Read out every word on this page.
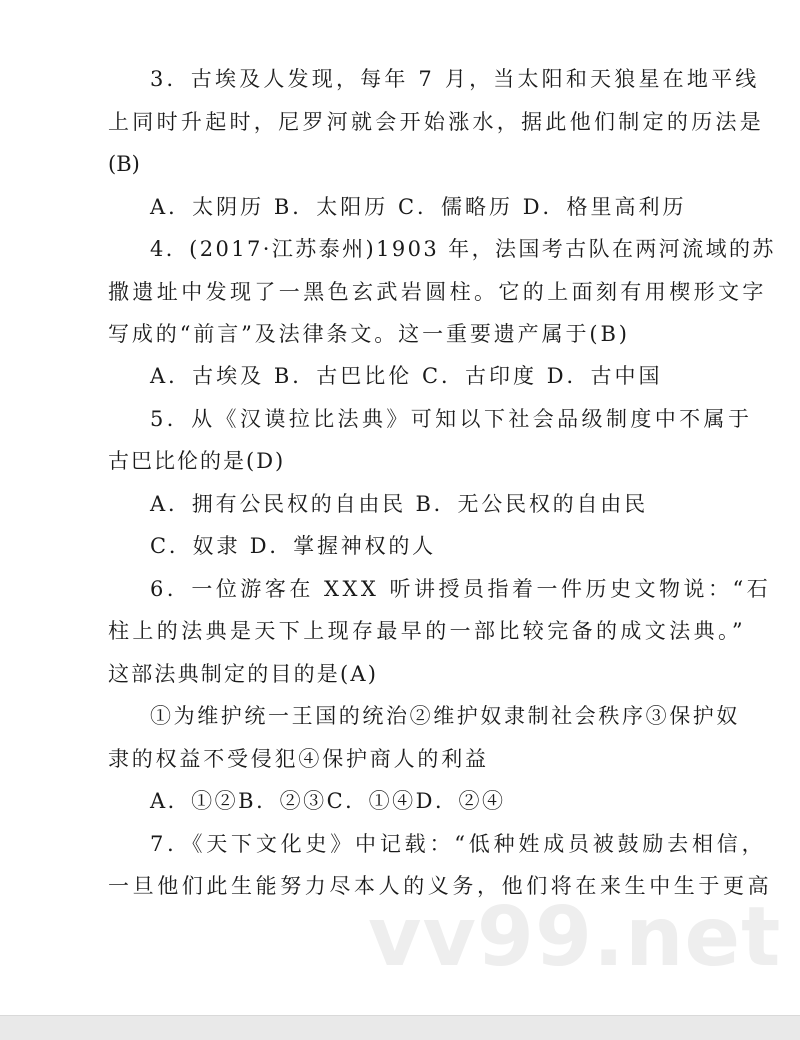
3．古埃及人发现，每年 7 月，当太阳和天狼星在地平线
上同时升起时，尼罗河就会开始涨水，据此他们制定的历法是
(B)
A．太阴历 B．太阳历 C．儒略历 D．格里高利历
4．(2017·江苏泰州)1903 年，法国考古队在两河流域的苏
撒遗址中发现了一黑色玄武岩圆柱。它的上面刻有用楔形文字
写成的“前言”及法律条文。这一重要遗产属于(B)
A．古埃及 B．古巴比伦 C．古印度 D．古中国
5．从《汉谟拉比法典》可知以下社会品级制度中不属于
古巴比伦的是(D)
A．拥有公民权的自由民 B．无公民权的自由民
C．奴隶 D．掌握神权的人
6．一位游客在 XXX 听讲授员指着一件历史文物说：“石
柱上的法典是天下上现存最早的一部比较完备的成文法典。”
这部法典制定的目的是(A)
①为维护统一王国的统治②维护奴隶制社会秩序③保护奴
隶的权益不受侵犯④保护商人的利益
A．①②B．②③C．①④D．②④
7．《天下文化史》中记载：“低种姓成员被鼓励去相信，
一旦他们此生能努力尽本人的义务，他们将在来生中生于更高
vv99.net
